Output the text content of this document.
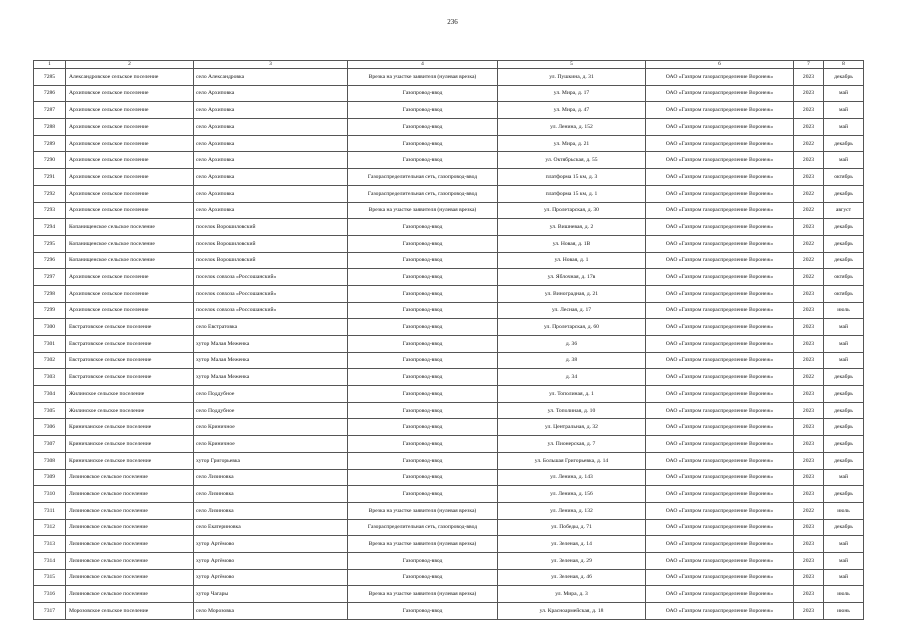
236
1	2	3	4	5	6	7	8
7285	Александровское сельское поселение	село Александровка	Врезка на участке заявителя (нулевая врезка)	ул. Пушкина, д. 31	ОАО «Газпром газораспределение Воронеж»	2023	декабрь
7286	Архиповское сельское поселение	село Архиповка	Газопровод-ввод	ул. Мира, д. 17	ОАО «Газпром газораспределение Воронеж»	2023	май
7287	Архиповское сельское поселение	село Архиповка	Газопровод-ввод	ул. Мира, д. 47	ОАО «Газпром газораспределение Воронеж»	2023	май
7288	Архиповское сельское поселение	село Архиповка	Газопровод-ввод	ул. Ленина, д. 152	ОАО «Газпром газораспределение Воронеж»	2023	май
7289	Архиповское сельское поселение	село Архиповка	Газопровод-ввод	ул. Мира, д. 21	ОАО «Газпром газораспределение Воронеж»	2022	декабрь
7290	Архиповское сельское поселение	село Архиповка	Газопровод-ввод	ул. Октябрьская, д. 55	ОАО «Газпром газораспределение Воронеж»	2023	май
7291	Архиповское сельское поселение	село Архиповка	Газораспределительная сеть, газопровод-ввод	платформа 15 км, д. 3	ОАО «Газпром газораспределение Воронеж»	2023	октябрь
7292	Архиповское сельское поселение	село Архиповка	Газораспределительная сеть, газопровод-ввод	платформа 15 км, д. 1	ОАО «Газпром газораспределение Воронеж»	2022	декабрь
7293	Архиповское сельское поселение	село Архиповка	Врезка на участке заявителя (нулевая врезка)	ул. Пролетарская, д. 30	ОАО «Газпром газораспределение Воронеж»	2022	август
7294	Копанищенское сельское поселение	поселок Ворошиловский	Газопровод-ввод	ул. Вишневая, д. 2	ОАО «Газпром газораспределение Воронеж»	2023	декабрь
7295	Копанищенское сельское поселение	поселок Ворошиловский	Газопровод-ввод	ул. Новая, д. 1В	ОАО «Газпром газораспределение Воронеж»	2022	декабрь
7296	Копанищенское сельское поселение	поселок Ворошиловский	Газопровод-ввод	ул. Новая, д. 1	ОАО «Газпром газораспределение Воронеж»	2022	декабрь
7297	Архиповское сельское поселение	поселок совхоза «Россошанский»	Газопровод-ввод	ул. Яблочная, д. 17в	ОАО «Газпром газораспределение Воронеж»	2022	октябрь
7298	Архиповское сельское поселение	поселок совхоза «Россошанский»	Газопровод-ввод	ул. Виноградная, д. 21	ОАО «Газпром газораспределение Воронеж»	2023	октябрь
7299	Архиповское сельское поселение	поселок совхоза «Россошанский»	Газопровод-ввод	ул. Лесная, д. 17	ОАО «Газпром газораспределение Воронеж»	2023	июль
7300	Евстратовское сельское поселение	село Евстратовка	Газопровод-ввод	ул. Пролетарская, д. 60	ОАО «Газпром газораспределение Воронеж»	2023	май
7301	Евстратовское сельское поселение	хутор Малая Меженка	Газопровод-ввод	д. 36	ОАО «Газпром газораспределение Воронеж»	2023	май
7302	Евстратовское сельское поселение	хутор Малая Меженка	Газопровод-ввод	д. 38	ОАО «Газпром газораспределение Воронеж»	2023	май
7303	Евстратовское сельское поселение	хутор Малая Меженка	Газопровод-ввод	д. 34	ОАО «Газпром газораспределение Воронеж»	2022	декабрь
7304	Жилинское сельское поселение	село Поддубное	Газопровод-ввод	ул. Тополиная, д. 1	ОАО «Газпром газораспределение Воронеж»	2023	декабрь
7305	Жилинское сельское поселение	село Поддубное	Газопровод-ввод	ул. Тополиная, д. 10	ОАО «Газпром газораспределение Воронеж»	2023	декабрь
7306	Криничанское сельское поселение	село Криничное	Газопровод-ввод	ул. Центральная, д. 32	ОАО «Газпром газораспределение Воронеж»	2023	декабрь
7307	Криничанское сельское поселение	село Криничное	Газопровод-ввод	ул. Пионерская, д. 7	ОАО «Газпром газораспределение Воронеж»	2023	декабрь
7308	Криничанское сельское поселение	хутор Григорьевка	Газопровод-ввод	ул. Большая Григорьевка, д. 14	ОАО «Газпром газораспределение Воронеж»	2023	декабрь
7309	Лизиновское сельское поселение	село Лизиновка	Газопровод-ввод	ул. Ленина, д. 143	ОАО «Газпром газораспределение Воронеж»	2023	май
7310	Лизиновское сельское поселение	село Лизиновка	Газопровод-ввод	ул. Ленина, д. 156	ОАО «Газпром газораспределение Воронеж»	2023	декабрь
7311	Лизиновское сельское поселение	село Лизиновка	Врезка на участке заявителя (нулевая врезка)	ул. Ленина, д. 132	ОАО «Газпром газораспределение Воронеж»	2022	июль
7312	Лизиновское сельское поселение	село Екатериновка	Газораспределительная сеть, газопровод-ввод	ул. Победы, д. 71	ОАО «Газпром газораспределение Воронеж»	2023	декабрь
7313	Лизиновское сельское поселение	хутор Артёмово	Врезка на участке заявителя (нулевая врезка)	ул. Зеленая, д. 14	ОАО «Газпром газораспределение Воронеж»	2023	май
7314	Лизиновское сельское поселение	хутор Артёмово	Газопровод-ввод	ул. Зеленая, д. 29	ОАО «Газпром газораспределение Воронеж»	2023	май
7315	Лизиновское сельское поселение	хутор Артёмово	Газопровод-ввод	ул. Зеленая, д. 46	ОАО «Газпром газораспределение Воронеж»	2023	май
7316	Лизиновское сельское поселение	хутор Чагары	Врезка на участке заявителя (нулевая врезка)	ул. Мира, д. 3	ОАО «Газпром газораспределение Воронеж»	2023	июль
7317	Морозовское сельское поселение	село Морозовка	Газопровод-ввод	ул. Красноармейская, д. 18	ОАО «Газпром газораспределение Воронеж»	2023	июнь
